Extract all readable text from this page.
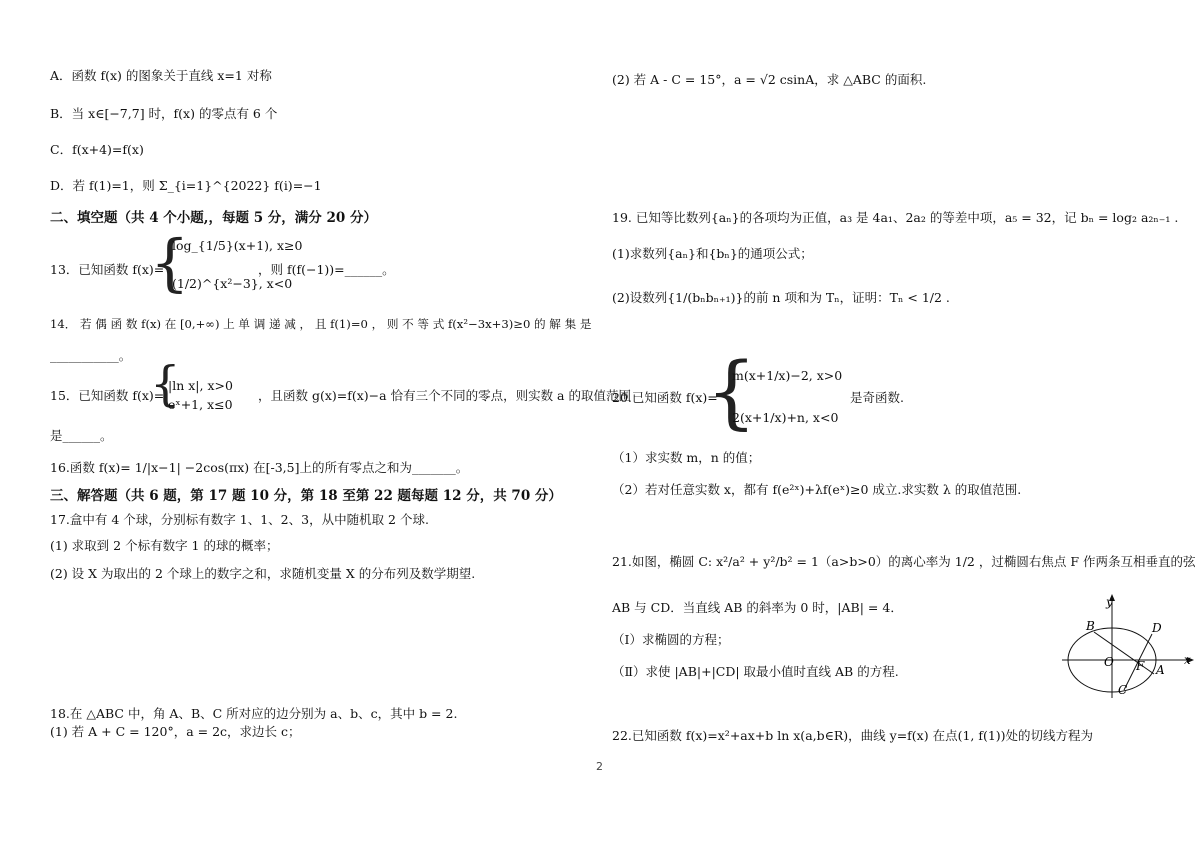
A．函数 f(x) 的图象关于直线 x=1 对称
B．当 x∈[−7,7] 时，f(x) 的零点有 6 个
C．f(x+4)=f(x)
D．若 f(1)=1，则 Σ_{i=1}^{2022} f(i)=−1
二、填空题（共 4 个小题,，每题 5 分，满分 20 分）
13．已知函数 f(x)=
{
log_{1/5}(x+1), x≥0
(1/2)^{x²−3}, x<0
，则 f(f(−1))=______。
14． 若 偶 函 数 f(x) 在 [0,+∞) 上 单 调 递 减 ， 且 f(1)=0 ， 则 不 等 式 f(x²−3x+3)≥0 的 解 集 是
___________。
15．已知函数 f(x)=
{
|ln x|, x>0
eˣ+1, x≤0
，且函数 g(x)=f(x)−a 恰有三个不同的零点，则实数 a 的取值范围
是______。
16.函数 f(x)= 1/|x−1| −2cos(πx) 在[-3,5]上的所有零点之和为_______。
三、解答题（共 6 题，第 17 题 10 分，第 18 至第 22 题每题 12 分，共 70 分）
17.盒中有 4 个球，分别标有数字 1、1、2、3，从中随机取 2 个球.
(1) 求取到 2 个标有数字 1 的球的概率；
(2) 设 X 为取出的 2 个球上的数字之和，求随机变量 X 的分布列及数学期望.
18.在 △ABC 中，角 A、B、C 所对应的边分别为 a、b、c，其中 b = 2.
(1) 若 A + C = 120°，a = 2c，求边长 c；
(2) 若 A - C = 15°，a = √2 csinA，求 △ABC 的面积.
19. 已知等比数列{aₙ}的各项均为正值，a₃ 是 4a₁、2a₂ 的等差中项，a₅ = 32，记 bₙ = log₂ a₂ₙ₋₁ .
(1)求数列{aₙ}和{bₙ}的通项公式；
(2)设数列{1/(bₙbₙ₊₁)}的前 n 项和为 Tₙ，证明：Tₙ < 1/2 .
20.已知函数 f(x)=
{
m(x+1/x)−2, x>0
2(x+1/x)+n, x<0
是奇函数.
（1）求实数 m，n 的值；
（2）若对任意实数 x，都有 f(e²ˣ)+λf(eˣ)≥0 成立.求实数 λ 的取值范围.
21.如图，椭圆 C: x²/a² + y²/b² = 1（a>b>0）的离心率为 1/2 ，过椭圆右焦点 F 作两条互相垂直的弦
AB 与 CD．当直线 AB 的斜率为 0 时，|AB| = 4．
（Ⅰ）求椭圆的方程；
（Ⅱ）求使 |AB|+|CD| 取最小值时直线 AB 的方程.
y
x
B	D
O F A
C
22.已知函数 f(x)=x²+ax+b ln x(a,b∈R)，曲线 y=f(x) 在点(1, f(1))处的切线方程为
2
